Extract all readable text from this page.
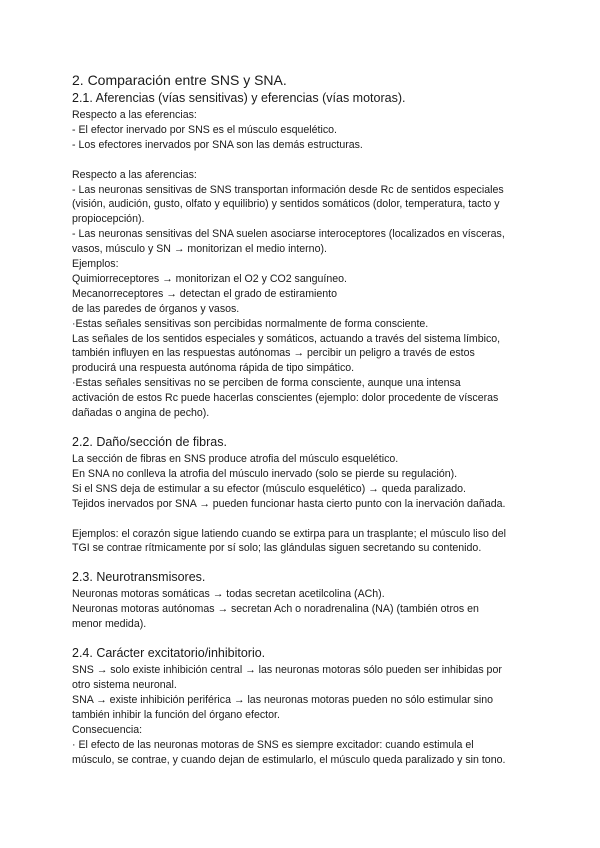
2. Comparación entre SNS y SNA.
2.1. Aferencias (vías sensitivas) y eferencias (vías motoras).

Respecto a las eferencias:

- El efector inervado por SNS es el músculo esquelético.

- Los efectores inervados por SNA son las demás estructuras.

Respecto a las aferencias:

- Las neuronas sensitivas de SNS transportan información desde Rc de sentidos especiales

(visión, audición, gusto, olfato y equilibrio) y sentidos somáticos (dolor, temperatura, tacto y

propiocepción).

- Las neuronas sensitivas del SNA suelen asociarse interoceptores (localizados en vísceras,

vasos, músculo y SN → monitorizan el medio interno).

Ejemplos:

Quimiorreceptores → monitorizan el O2 y CO2 sanguíneo.

Mecanorreceptores → detectan el grado de estiramiento

de las paredes de órganos y vasos.

·Estas señales sensitivas son percibidas normalmente de forma consciente.

Las señales de los sentidos especiales y somáticos, actuando a través del sistema límbico,

también influyen en las respuestas autónomas → percibir un peligro a través de estos

producirá una respuesta autónoma rápida de tipo simpático.

·Estas señales sensitivas no se perciben de forma consciente, aunque una intensa

activación de estos Rc puede hacerlas conscientes (ejemplo: dolor procedente de vísceras

dañadas o angina de pecho).

2.2. Daño/sección de fibras.

La sección de fibras en SNS produce atrofia del músculo esquelético.

En SNA no conlleva la atrofia del músculo inervado (solo se pierde su regulación).

Si el SNS deja de estimular a su efector (músculo esquelético) → queda paralizado.

Tejidos inervados por SNA → pueden funcionar hasta cierto punto con la inervación dañada.

Ejemplos: el corazón sigue latiendo cuando se extirpa para un trasplante; el músculo liso del

TGI se contrae rítmicamente por sí solo; las glándulas siguen secretando su contenido.

2.3. Neurotransmisores.

Neuronas motoras somáticas → todas secretan acetilcolina (ACh).

Neuronas motoras autónomas → secretan Ach o noradrenalina (NA) (también otros en

menor medida).

2.4. Carácter excitatorio/inhibitorio.

SNS → solo existe inhibición central → las neuronas motoras sólo pueden ser inhibidas por

otro sistema neuronal.

SNA → existe inhibición periférica → las neuronas motoras pueden no sólo estimular sino

también inhibir la función del órgano efector.

Consecuencia:

· El efecto de las neuronas motoras de SNS es siempre excitador: cuando estimula el

músculo, se contrae, y cuando dejan de estimularlo, el músculo queda paralizado y sin tono.
